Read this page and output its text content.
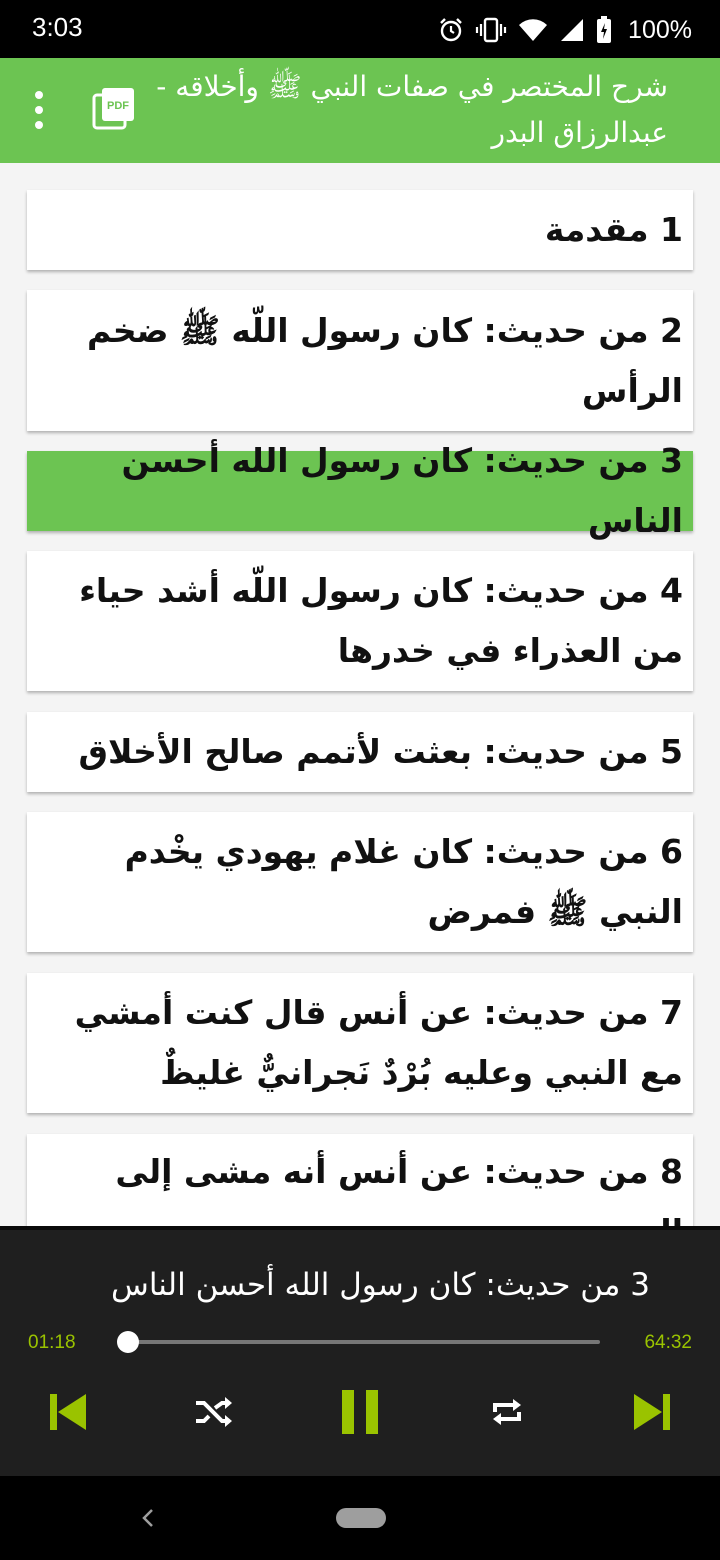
3:03	100%
PDF
شرح المختصر في صفات النبي ﷺ وأخلاقه - عبدالرزاق البدر
1 مقدمة
2 من حديث: كان رسول اللّه ﷺ ضخم الرأس
3 من حديث: كان رسول الله أحسن الناس
4 من حديث: كان رسول اللّه أشد حياء من العذراء في خدرها
5 من حديث: بعثت لأتمم صالح الأخلاق
6 من حديث: كان غلام يهودي يخْدم النبي ﷺ فمرض
7 من حديث: عن أنس قال كنت أمشي مع النبي وعليه بُرْدٌ نَجرانيٌّ غليظٌ
8 من حديث: عن أنس أنه مشى إلى
3 من حديث: كان رسول الله أحسن الناس
01:18	64:32
